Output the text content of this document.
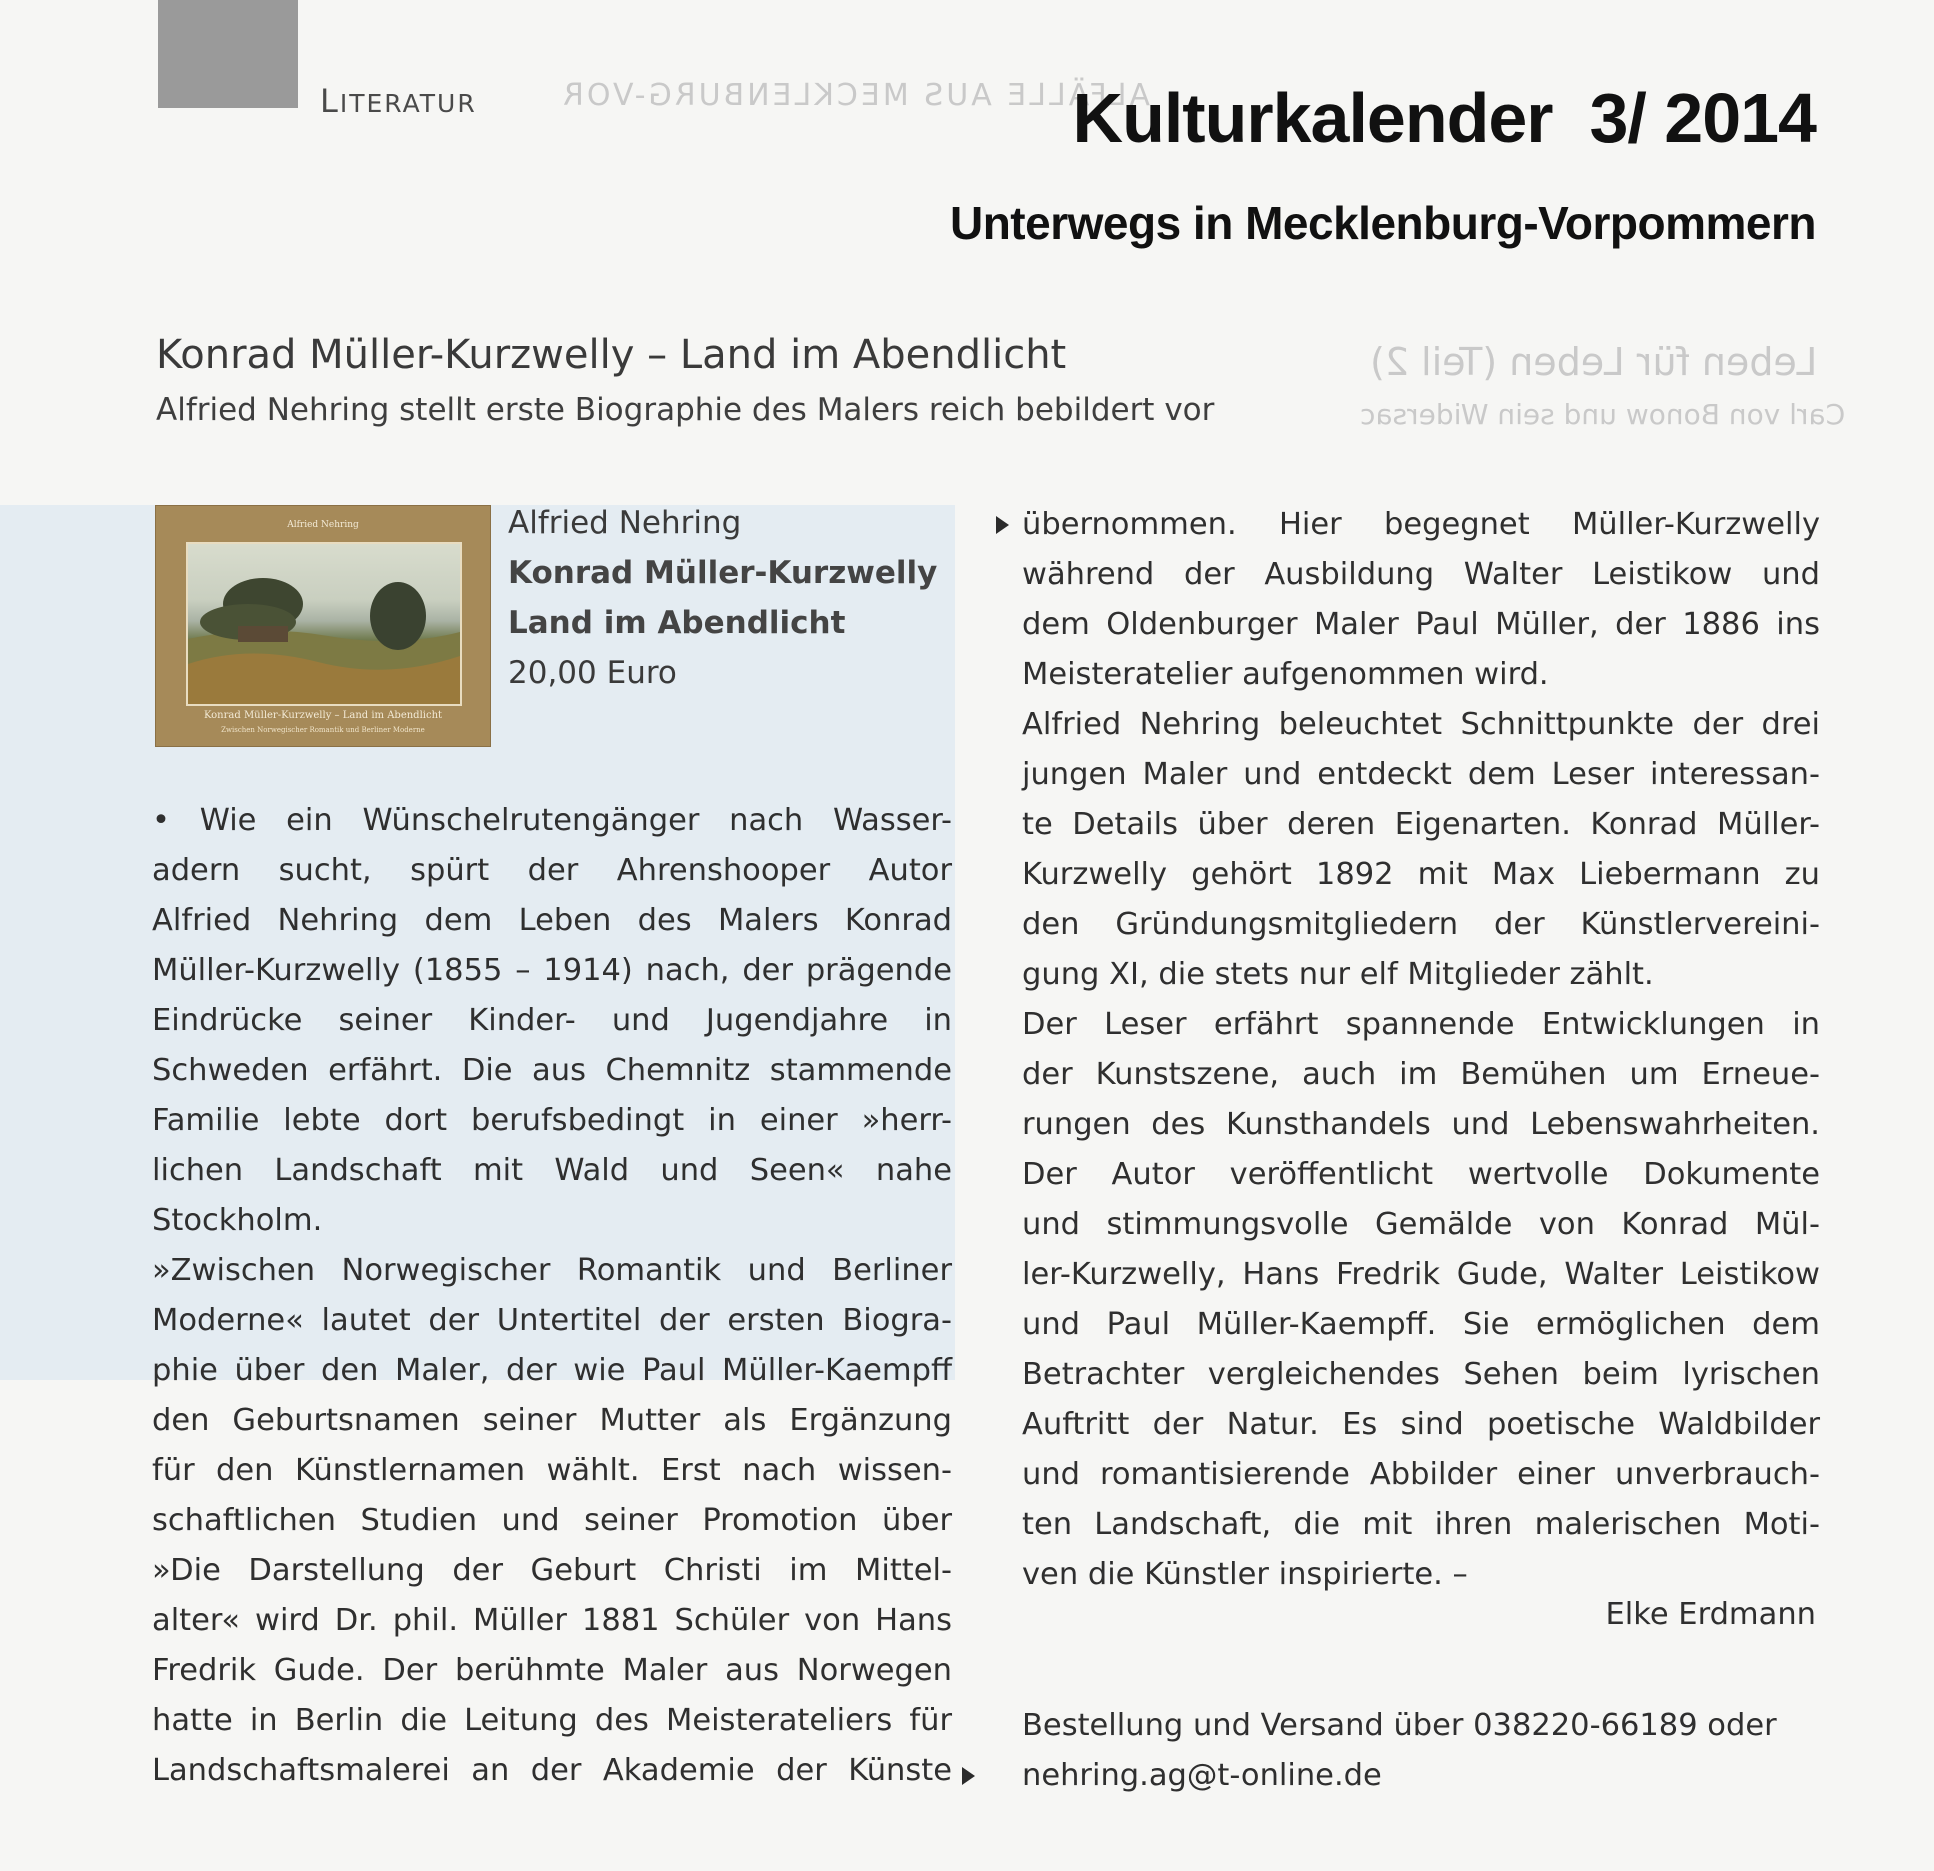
ALFÄLLE AUS MECKLENBURG-VOR
Leben für Leben (Teil 2)
Carl von Bonow und sein Widersac
LITERATUR	Kulturkalender  3/ 2014
Unterwegs in Mecklenburg-Vorpommern
Konrad Müller-Kurzwelly – Land im Abendlicht
Alfried Nehring stellt erste Biographie des Malers reich bebildert vor
Alfried Nehring
Konrad Müller-Kurzwelly – Land im Abendlicht
Zwischen Norwegischer Romantik und Berliner Moderne
Alfried Nehring
Konrad Müller-Kurzwelly
Land im Abendlicht
20,00 Euro
• Wie ein Wünschelrutengänger nach Wasser-
adern sucht, spürt der Ahrenshooper Autor
Alfried Nehring dem Leben des Malers Konrad
Müller-Kurzwelly (1855 – 1914) nach, der prägende
Eindrücke seiner Kinder- und Jugendjahre in
Schweden erfährt. Die aus Chemnitz stammende
Familie lebte dort berufsbedingt in einer »herr-
lichen Landschaft mit Wald und Seen« nahe
Stockholm.
»Zwischen Norwegischer Romantik und Berliner
Moderne« lautet der Untertitel der ersten Biogra-
phie über den Maler, der wie Paul Müller-Kaempff
den Geburtsnamen seiner Mutter als Ergänzung
für den Künstlernamen wählt. Erst nach wissen-
schaftlichen Studien und seiner Promotion über
»Die Darstellung der Geburt Christi im Mittel-
alter« wird Dr. phil. Müller 1881 Schüler von Hans
Fredrik Gude. Der berühmte Maler aus Norwegen
hatte in Berlin die Leitung des Meisterateliers für
Landschaftsmalerei an der Akademie der Künste
übernommen. Hier begegnet Müller-Kurzwelly
während der Ausbildung Walter Leistikow und
dem Oldenburger Maler Paul Müller, der 1886 ins
Meisteratelier aufgenommen wird.
Alfried Nehring beleuchtet Schnittpunkte der drei
jungen Maler und entdeckt dem Leser interessan-
te Details über deren Eigenarten. Konrad Müller-
Kurzwelly gehört 1892 mit Max Liebermann zu
den Gründungsmitgliedern der Künstlervereini-
gung XI, die stets nur elf Mitglieder zählt.
Der Leser erfährt spannende Entwicklungen in
der Kunstszene, auch im Bemühen um Erneue-
rungen des Kunsthandels und Lebenswahrheiten.
Der Autor veröffentlicht wertvolle Dokumente
und stimmungsvolle Gemälde von Konrad Mül-
ler-Kurzwelly, Hans Fredrik Gude, Walter Leistikow
und Paul Müller-Kaempff. Sie ermöglichen dem
Betrachter vergleichendes Sehen beim lyrischen
Auftritt der Natur. Es sind poetische Waldbilder
und romantisierende Abbilder einer unverbrauch-
ten Landschaft, die mit ihren malerischen Moti-
ven die Künstler inspirierte. –
Elke Erdmann
Bestellung und Versand über 038220-66189 oder
nehring.ag@t-online.de
